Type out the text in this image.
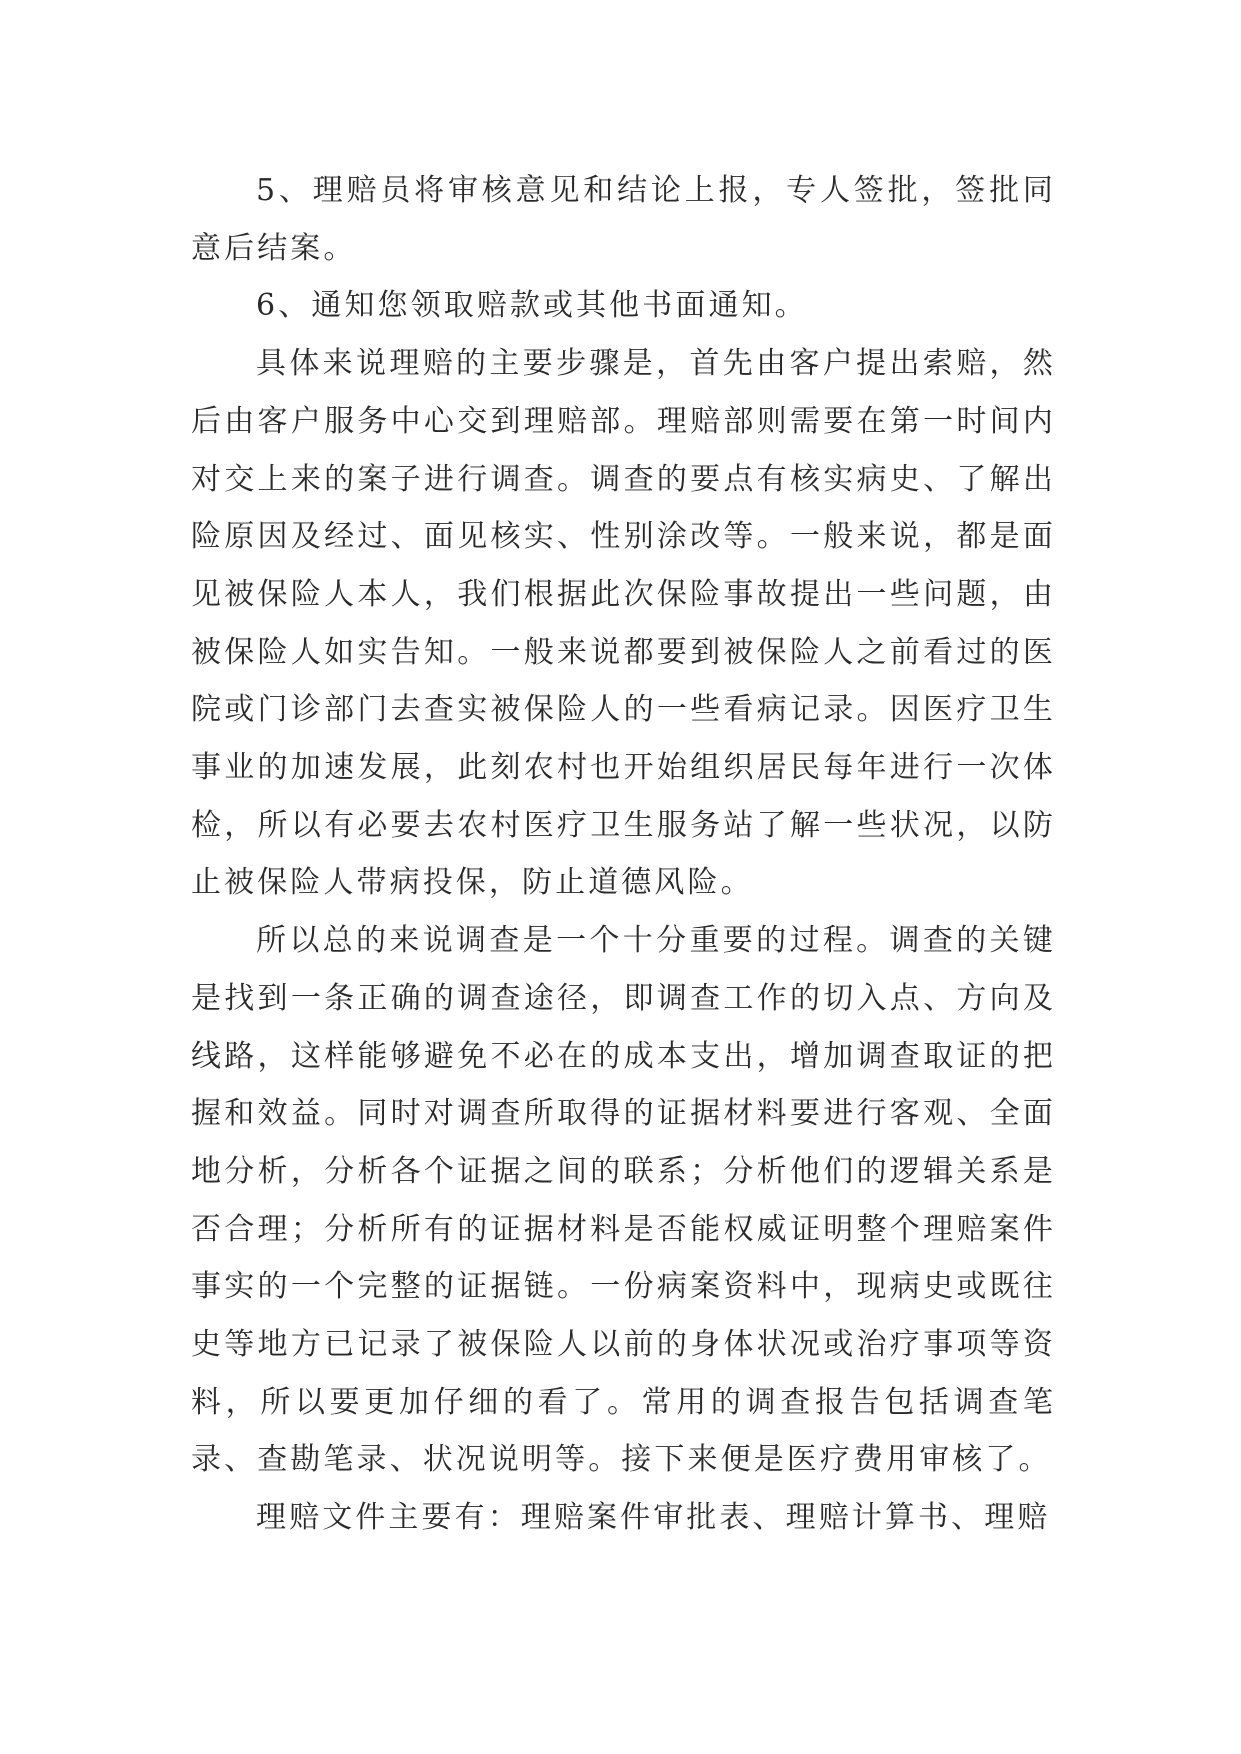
5、理赔员将审核意见和结论上报，专人签批，签批同意后结案。

6、通知您领取赔款或其他书面通知。

具体来说理赔的主要步骤是，首先由客户提出索赔，然后由客户服务中心交到理赔部。理赔部则需要在第一时间内对交上来的案子进行调查。调查的要点有核实病史、了解出险原因及经过、面见核实、性别涂改等。一般来说，都是面见被保险人本人，我们根据此次保险事故提出一些问题，由被保险人如实告知。一般来说都要到被保险人之前看过的医院或门诊部门去查实被保险人的一些看病记录。因医疗卫生事业的加速发展，此刻农村也开始组织居民每年进行一次体检，所以有必要去农村医疗卫生服务站了解一些状况，以防止被保险人带病投保，防止道德风险。

所以总的来说调查是一个十分重要的过程。调查的关键是找到一条正确的调查途径，即调查工作的切入点、方向及线路，这样能够避免不必在的成本支出，增加调查取证的把握和效益。同时对调查所取得的证据材料要进行客观、全面地分析，分析各个证据之间的联系；分析他们的逻辑关系是否合理；分析所有的证据材料是否能权威证明整个理赔案件事实的一个完整的证据链。一份病案资料中，现病史或既往史等地方已记录了被保险人以前的身体状况或治疗事项等资料，所以要更加仔细的看了。常用的调查报告包括调查笔录、查勘笔录、状况说明等。接下来便是医疗费用审核了。

理赔文件主要有：理赔案件审批表、理赔计算书、理赔
